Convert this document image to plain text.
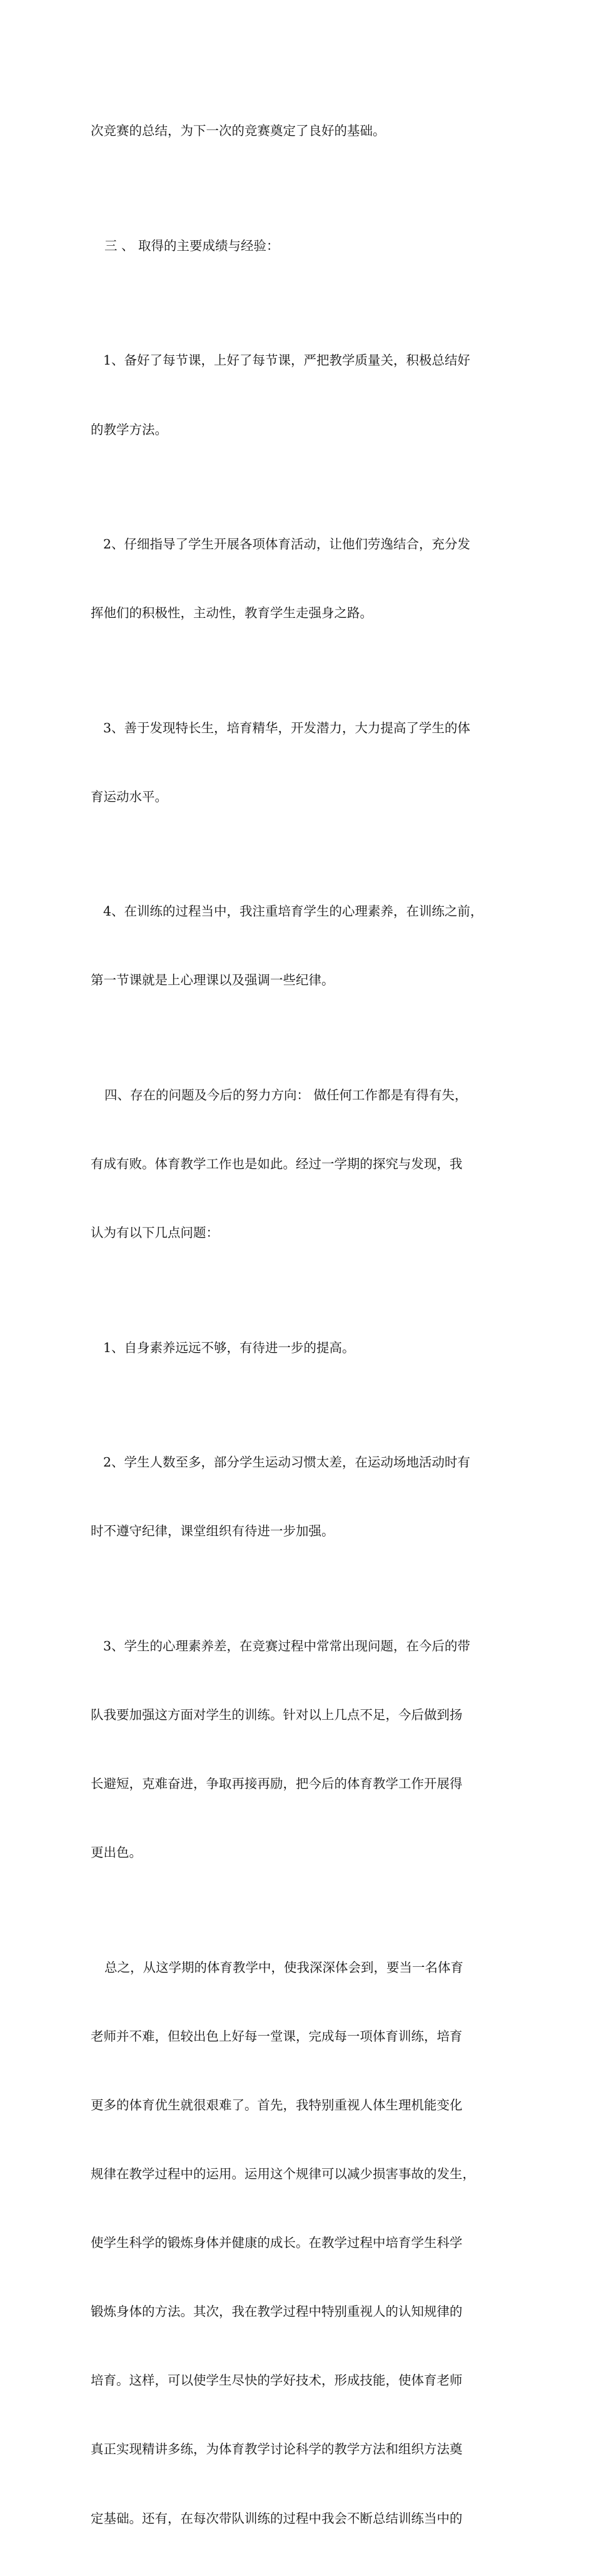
次竞赛的总结，为下一次的竞赛奠定了良好的基础。

三 、 取得的主要成绩与经验：

1、备好了每节课，上好了每节课，严把教学质量关，积极总结好

的教学方法。

2、仔细指导了学生开展各项体育活动，让他们劳逸结合，充分发

挥他们的积极性，主动性，教育学生走强身之路。

3、善于发现特长生，培育精华，开发潜力，大力提高了学生的体

育运动水平。

4、在训练的过程当中，我注重培育学生的心理素养，在训练之前，

第一节课就是上心理课以及强调一些纪律。

四、存在的问题及今后的努力方向： 做任何工作都是有得有失，

有成有败。体育教学工作也是如此。经过一学期的探究与发现，我

认为有以下几点问题：

1、自身素养远远不够，有待进一步的提高。

2、学生人数至多，部分学生运动习惯太差，在运动场地活动时有

时不遵守纪律，课堂组织有待进一步加强。

3、学生的心理素养差，在竞赛过程中常常出现问题，在今后的带

队我要加强这方面对学生的训练。针对以上几点不足，今后做到扬

长避短，克难奋进，争取再接再励，把今后的体育教学工作开展得

更出色。

总之，从这学期的体育教学中，使我深深体会到，要当一名体育

老师并不难，但较出色上好每一堂课，完成每一项体育训练，培育

更多的体育优生就很艰难了。首先，我特别重视人体生理机能变化

规律在教学过程中的运用。运用这个规律可以减少损害事故的发生，

使学生科学的锻炼身体并健康的成长。在教学过程中培育学生科学

锻炼身体的方法。其次，我在教学过程中特别重视人的认知规律的

培育。这样，可以使学生尽快的学好技术，形成技能，使体育老师

真正实现精讲多练，为体育教学讨论科学的教学方法和组织方法奠

定基础。还有，在每次带队训练的过程中我会不断总结训练当中的
